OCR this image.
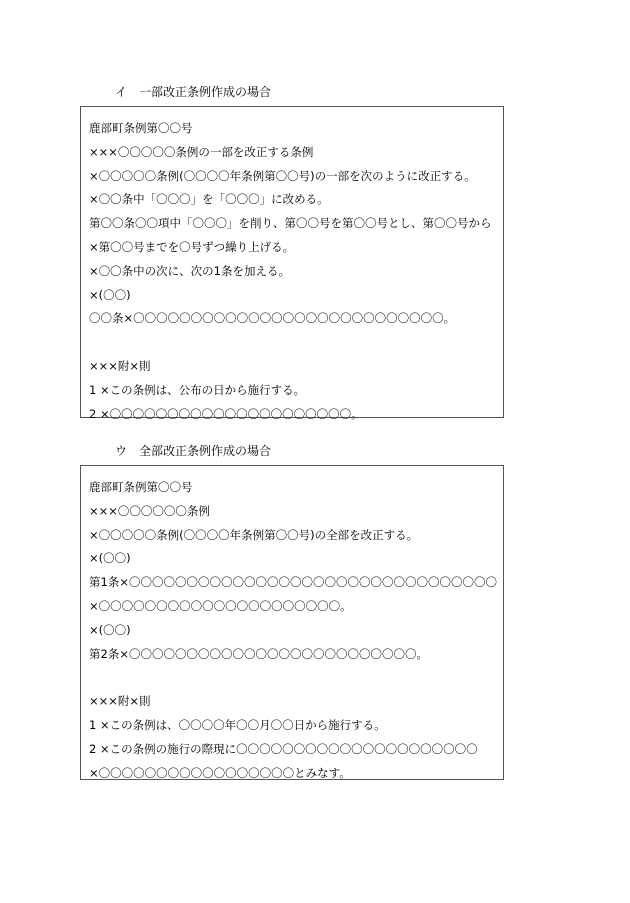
イ　一部改正条例作成の場合
鹿部町条例第〇〇号
×××〇〇〇〇〇条例の一部を改正する条例
×〇〇〇〇〇条例(〇〇〇〇年条例第〇〇号)の一部を次のように改正する。
×〇〇条中「〇〇〇」を「〇〇〇」に改める。
第〇〇条〇〇項中「〇〇〇」を削り、第〇〇号を第〇〇号とし、第〇〇号から
×第〇〇号までを〇号ずつ繰り上げる。
×〇〇条中の次に、次の1条を加える。
×(〇〇)
〇〇条×〇〇〇〇〇〇〇〇〇〇〇〇〇〇〇〇〇〇〇〇〇〇〇〇〇〇〇。
×××附×則
1 ×この条例は、公布の日から施行する。
2 ×〇〇〇〇〇〇〇〇〇〇〇〇〇〇〇〇〇〇〇〇〇。
ウ　全部改正条例作成の場合
鹿部町条例第〇〇号
×××〇〇〇〇〇〇条例
×〇〇〇〇〇条例(〇〇〇〇年条例第〇〇号)の全部を改正する。
×(〇〇)
第1条×〇〇〇〇〇〇〇〇〇〇〇〇〇〇〇〇〇〇〇〇〇〇〇〇〇〇〇〇〇〇〇〇
×〇〇〇〇〇〇〇〇〇〇〇〇〇〇〇〇〇〇〇〇〇。
×(〇〇)
第2条×〇〇〇〇〇〇〇〇〇〇〇〇〇〇〇〇〇〇〇〇〇〇〇〇〇。
×××附×則
1 ×この条例は、〇〇〇〇年〇〇月〇〇日から施行する。
2 ×この条例の施行の際現に〇〇〇〇〇〇〇〇〇〇〇〇〇〇〇〇〇〇〇〇〇
×〇〇〇〇〇〇〇〇〇〇〇〇〇〇〇〇〇とみなす。
